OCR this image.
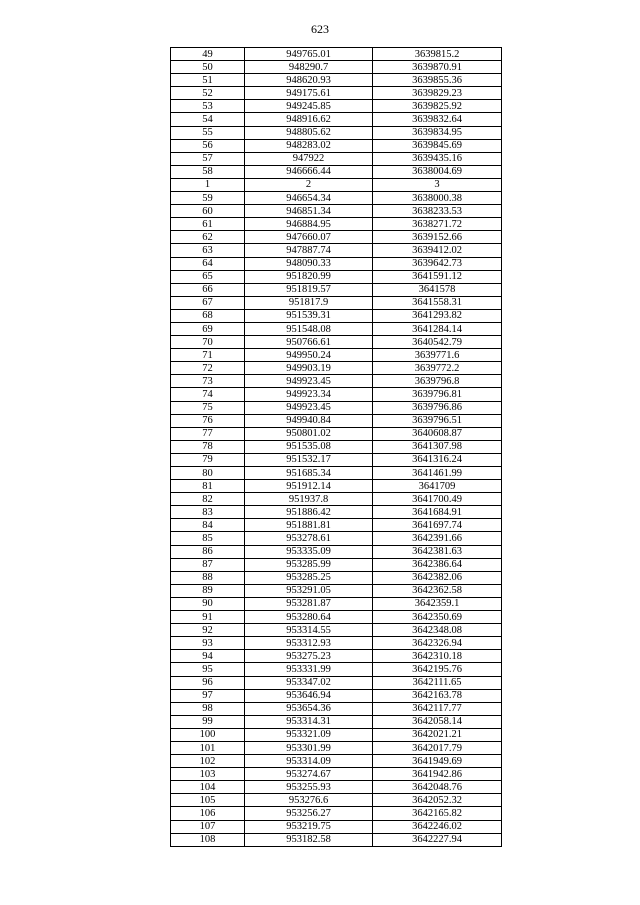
623
49	949765.01	3639815.2
50	948290.7	3639870.91
51	948620.93	3639855.36
52	949175.61	3639829.23
53	949245.85	3639825.92
54	948916.62	3639832.64
55	948805.62	3639834.95
56	948283.02	3639845.69
57	947922	3639435.16
58	946666.44	3638004.69
1	2	3
59	946654.34	3638000.38
60	946851.34	3638233.53
61	946884.95	3638271.72
62	947660.07	3639152.66
63	947887.74	3639412.02
64	948090.33	3639642.73
65	951820.99	3641591.12
66	951819.57	3641578
67	951817.9	3641558.31
68	951539.31	3641293.82
69	951548.08	3641284.14
70	950766.61	3640542.79
71	949950.24	3639771.6
72	949903.19	3639772.2
73	949923.45	3639796.8
74	949923.34	3639796.81
75	949923.45	3639796.86
76	949940.84	3639796.51
77	950801.02	3640608.87
78	951535.08	3641307.98
79	951532.17	3641316.24
80	951685.34	3641461.99
81	951912.14	3641709
82	951937.8	3641700.49
83	951886.42	3641684.91
84	951881.81	3641697.74
85	953278.61	3642391.66
86	953335.09	3642381.63
87	953285.99	3642386.64
88	953285.25	3642382.06
89	953291.05	3642362.58
90	953281.87	3642359.1
91	953280.64	3642350.69
92	953314.55	3642348.08
93	953312.93	3642326.94
94	953275.23	3642310.18
95	953331.99	3642195.76
96	953347.02	3642111.65
97	953646.94	3642163.78
98	953654.36	3642117.77
99	953314.31	3642058.14
100	953321.09	3642021.21
101	953301.99	3642017.79
102	953314.09	3641949.69
103	953274.67	3641942.86
104	953255.93	3642048.76
105	953276.6	3642052.32
106	953256.27	3642165.82
107	953219.75	3642246.02
108	953182.58	3642227.94
